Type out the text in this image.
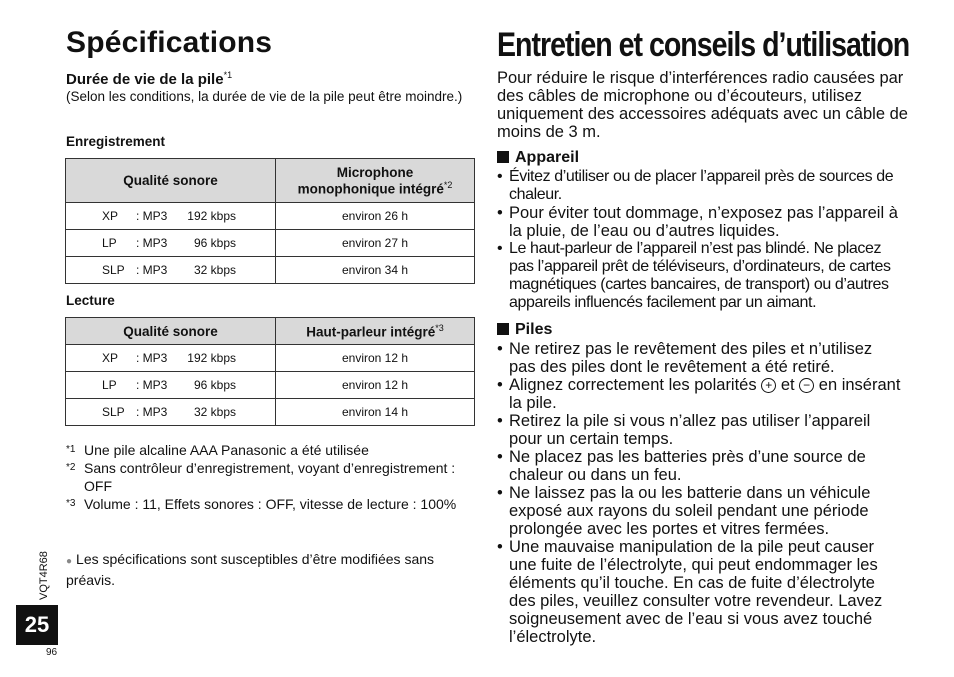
Spécifications
Durée de vie de la pile$^{*1}$
(Selon les conditions, la durée de vie de la pile peut être moindre.)
Enregistrement
Qualité sonore	Microphone
monophonique intégré$^{*2}$
XP : MP3 192 kbps	environ 26 h
LP : MP3 96 kbps	environ 27 h
SLP : MP3 32 kbps	environ 34 h
Lecture
Qualité sonore	Haut-parleur intégré$^{*3}$
XP : MP3 192 kbps	environ 12 h
LP : MP3 96 kbps	environ 12 h
SLP : MP3 32 kbps	environ 14 h
*1 Une pile alcaline AAA Panasonic a été utilisée
*2 Sans contrôleur d’enregistrement, voyant d’enregistrement : OFF
*3 Volume : 11, Effets sonores : OFF, vitesse de lecture : 100%
● Les spécifications sont susceptibles d’être modifiées sans préavis.
VQT4R68
25
96
Entretien et conseils d’utilisation
Pour réduire le risque d’interférences radio causées par des câbles de microphone ou d’écouteurs, utilisez uniquement des accessoires adéquats avec un câble de moins de 3 m.
Appareil
• Évitez d’utiliser ou de placer l’appareil près de sources de chaleur.
• Pour éviter tout dommage, n’exposez pas l’appareil à la pluie, de l’eau ou d’autres liquides.
• Le haut-parleur de l’appareil n’est pas blindé. Ne placez pas l’appareil prêt de téléviseurs, d’ordinateurs, de cartes magnétiques (cartes bancaires, de transport) ou d’autres appareils influencés facilement par un aimant.
Piles
• Ne retirez pas le revêtement des piles et n’utilisez pas des piles dont le revêtement a été retiré.
• Alignez correctement les polarités + et − en insérant la pile.
• Retirez la pile si vous n’allez pas utiliser l’appareil pour un certain temps.
• Ne placez pas les batteries près d’une source de chaleur ou dans un feu.
• Ne laissez pas la ou les batterie dans un véhicule exposé aux rayons du soleil pendant une période prolongée avec les portes et vitres fermées.
• Une mauvaise manipulation de la pile peut causer une fuite de l’électrolyte, qui peut endommager les éléments qu’il touche. En cas de fuite d’électrolyte des piles, veuillez consulter votre revendeur. Lavez soigneusement avec de l’eau si vous avez touché l’électrolyte.
